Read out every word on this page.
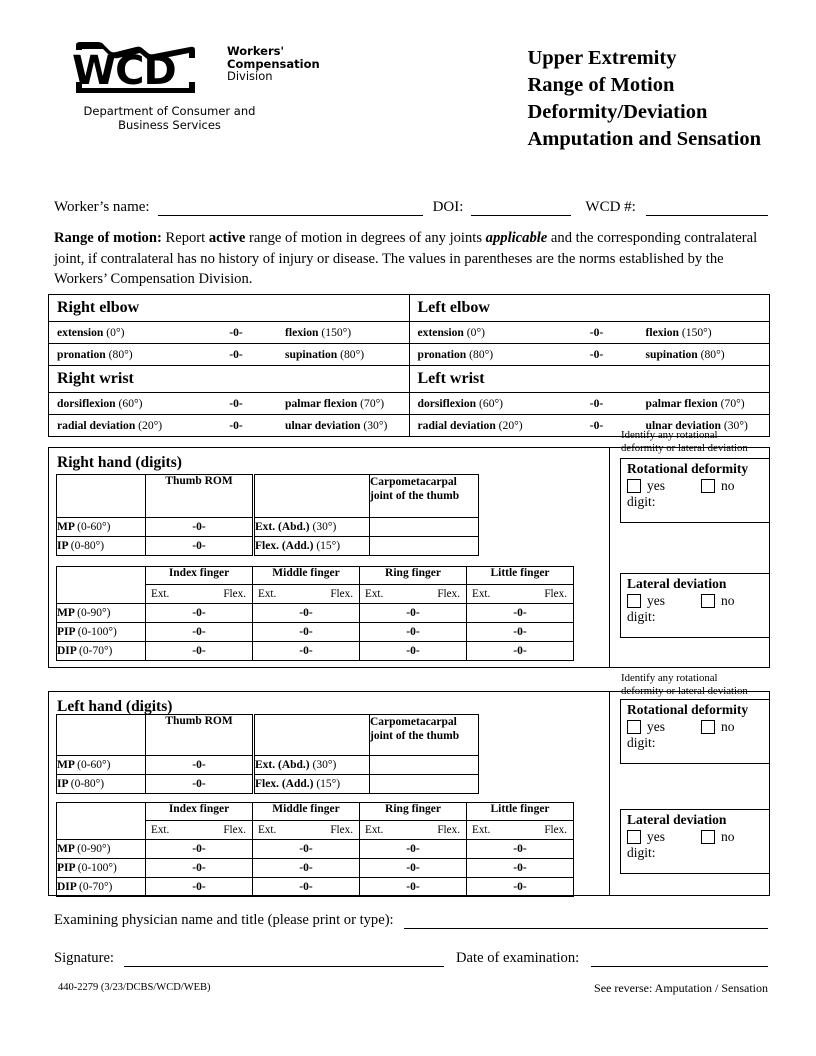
WCD	Workers'
Compensation
Division
Department of Consumer and Business Services
Upper Extremity
Range of Motion
Deformity/Deviation
Amputation and Sensation
Worker’s name:	DOI:	WCD #:
Range of motion: Report active range of motion in degrees of any joints applicable and the corresponding contralateral joint, if contralateral has no history of injury or disease. The values in parentheses are the norms established by the Workers’ Compensation Division.
Right elbow
extension (0°)	-0-	flexion (150°)
pronation (80°)	-0-	supination (80°)
Right wrist
dorsiflexion (60°)	-0-	palmar flexion (70°)
radial deviation (20°)	-0-	ulnar deviation (30°)

Left elbow
extension (0°)	-0-	flexion (150°)
pronation (80°)	-0-	supination (80°)
Left wrist
dorsiflexion (60°)	-0-	palmar flexion (70°)
radial deviation (20°)	-0-	ulnar deviation (30°)
Right hand (digits)
	Thumb ROM
MP (0-60°)	-0-
IP (0-80°)	-0-
	Carpometacarpal joint of the thumb
Ext. (Abd.) (30°)	
Flex. (Add.) (15°)	
	Index finger	Middle finger	Ring finger	Little finger

	Ext. Flex.	Ext. Flex.	Ext. Flex.	Ext. Flex.

MP (0-90°)	-0-	-0-	-0-	-0-
PIP (0-100°)	-0-	-0-	-0-	-0-
DIP (0-70°)	-0-	-0-	-0-	-0-
Identify any rotational
deformity or lateral deviation
Rotational deformity
yes	no
digit:
Lateral deviation
yes	no
digit:
Left hand (digits)
	Thumb ROM
MP (0-60°)	-0-
IP (0-80°)	-0-
	Carpometacarpal joint of the thumb
Ext. (Abd.) (30°)	
Flex. (Add.) (15°)	
	Index finger	Middle finger	Ring finger	Little finger

	Ext. Flex.	Ext. Flex.	Ext. Flex.	Ext. Flex.

MP (0-90°)	-0-	-0-	-0-	-0-
PIP (0-100°)	-0-	-0-	-0-	-0-
DIP (0-70°)	-0-	-0-	-0-	-0-
Identify any rotational
deformity or lateral deviation
Rotational deformity
yes	no
digit:
Lateral deviation
yes	no
digit:
Examining physician name and title (please print or type):
Signature:	Date of examination:
440-2279 (3/23/DCBS/WCD/WEB)	See reverse: Amputation / Sensation
